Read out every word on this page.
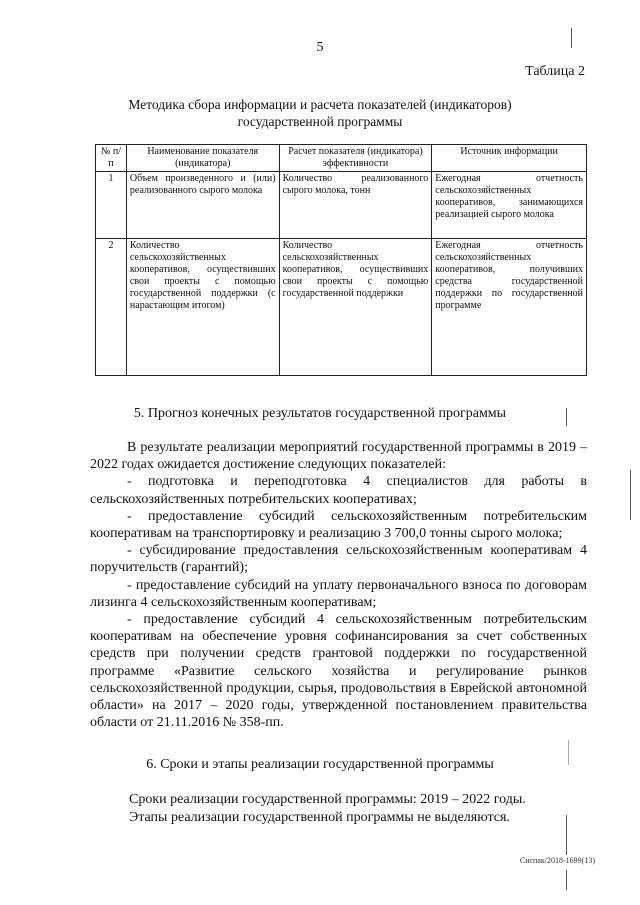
5
Таблица 2
Методика сбора информации и расчета показателей (индикаторов)
государственной программы
№ п/п	Наименование показателя (индикатора)	Расчет показателя (индикатора) эффективности	Источник информации
1	Объем произведенного и (или) реализованного сырого молока	Количество реализованного сырого молока, тонн	Ежегодная отчетность сельскохозяйственных кооперативов, занимающихся реализацией сырого молока
2	Количество сельскохозяйственных кооперативов, осуществивших свои проекты с помощью государственной поддержки (с нарастающим итогом)	Количество сельскохозяйственных кооперативов, осуществивших свои проекты с помощью государственной поддержки	Ежегодная отчетность сельскохозяйственных кооперативов, получивших средства государственной поддержки по государственной программе
5. Прогноз конечных результатов государственной программы

В результате реализации мероприятий государственной программы в 2019 – 2022 годах ожидается достижение следующих показателей:

- подготовка и переподготовка 4 специалистов для работы в сельскохозяйственных потребительских кооперативах;

- предоставление субсидий сельскохозяйственным потребительским кооперативам на транспортировку и реализацию 3 700,0 тонны сырого молока;

- субсидирование предоставления сельскохозяйственным кооперативам 4 поручительств (гарантий);

- предоставление субсидий на уплату первоначального взноса по договорам лизинга 4 сельскохозяйственным кооперативам;

- предоставление субсидий 4 сельскохозяйственным потребительским кооперативам на обеспечение уровня софинансирования за счет собственных средств при получении средств грантовой поддержки по государственной программе «Развитие сельского хозяйства и регулирование рынков сельскохозяйственной продукции, сырья, продовольствия в Еврейской автономной области» на 2017 – 2020 годы, утвержденной постановлением правительства области от 21.11.2016 № 358-пп.

6. Сроки и этапы реализации государственной программы

Сроки реализации государственной программы: 2019 – 2022 годы.

Этапы реализации государственной программы не выделяются.

Сиспак/2018-1699(13)
